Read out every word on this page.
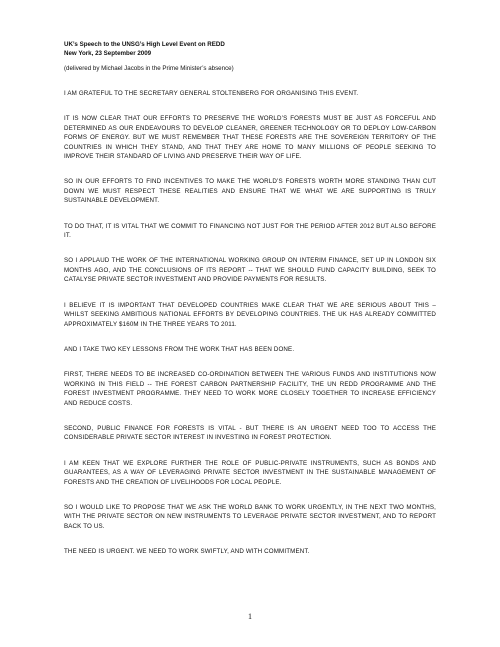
UK’s Speech to the UNSG’s High Level Event on REDD

New York, 23 September 2009

(delivered by Michael Jacobs in the Prime Minister’s absence)

I AM GRATEFUL TO THE SECRETARY GENERAL STOLTENBERG FOR ORGANISING THIS EVENT.

IT IS NOW CLEAR THAT OUR EFFORTS TO PRESERVE THE WORLD’S FORESTS MUST BE JUST AS FORCEFUL AND DETERMINED AS OUR ENDEAVOURS TO DEVELOP CLEANER, GREENER TECHNOLOGY OR TO DEPLOY LOW-CARBON FORMS OF ENERGY. BUT WE MUST REMEMBER THAT THESE FORESTS ARE THE SOVEREIGN TERRITORY OF THE COUNTRIES IN WHICH THEY STAND, AND THAT THEY ARE HOME TO MANY MILLIONS OF PEOPLE SEEKING TO IMPROVE THEIR STANDARD OF LIVING AND PRESERVE THEIR WAY OF LIFE.

SO IN OUR EFFORTS TO FIND INCENTIVES TO MAKE THE WORLD’S FORESTS WORTH MORE STANDING THAN CUT DOWN WE MUST RESPECT THESE REALITIES AND ENSURE THAT WE WHAT WE ARE SUPPORTING IS TRULY SUSTAINABLE DEVELOPMENT.

TO DO THAT, IT IS VITAL THAT WE COMMIT TO FINANCING NOT JUST FOR THE PERIOD AFTER 2012 BUT ALSO BEFORE IT.

SO I APPLAUD THE WORK OF THE INTERNATIONAL WORKING GROUP ON INTERIM FINANCE, SET UP IN LONDON SIX MONTHS AGO, AND THE CONCLUSIONS OF ITS REPORT -- THAT WE SHOULD FUND CAPACITY BUILDING, SEEK TO CATALYSE PRIVATE SECTOR INVESTMENT AND PROVIDE PAYMENTS FOR RESULTS.

I BELIEVE IT IS IMPORTANT THAT DEVELOPED COUNTRIES MAKE CLEAR THAT WE ARE SERIOUS ABOUT THIS – WHILST SEEKING AMBITIOUS NATIONAL EFFORTS BY DEVELOPING COUNTRIES. THE UK HAS ALREADY COMMITTED APPROXIMATELY $160M IN THE THREE YEARS TO 2011.

AND I TAKE TWO KEY LESSONS FROM THE WORK THAT HAS BEEN DONE.

FIRST, THERE NEEDS TO BE INCREASED CO-ORDINATION BETWEEN THE VARIOUS FUNDS AND INSTITUTIONS NOW WORKING IN THIS FIELD -- THE FOREST CARBON PARTNERSHIP FACILITY, THE UN REDD PROGRAMME AND THE FOREST INVESTMENT PROGRAMME. THEY NEED TO WORK MORE CLOSELY TOGETHER TO INCREASE EFFICIENCY AND REDUCE COSTS.

SECOND, PUBLIC FINANCE FOR FORESTS IS VITAL - BUT THERE IS AN URGENT NEED TOO TO ACCESS THE CONSIDERABLE PRIVATE SECTOR INTEREST IN INVESTING IN FOREST PROTECTION.

I AM KEEN THAT WE EXPLORE FURTHER THE ROLE OF PUBLIC-PRIVATE INSTRUMENTS, SUCH AS BONDS AND GUARANTEES, AS A WAY OF LEVERAGING PRIVATE SECTOR INVESTMENT IN THE SUSTAINABLE MANAGEMENT OF FORESTS AND THE CREATION OF LIVELIHOODS FOR LOCAL PEOPLE.

SO I WOULD LIKE TO PROPOSE THAT WE ASK THE WORLD BANK TO WORK URGENTLY, IN THE NEXT TWO MONTHS, WITH THE PRIVATE SECTOR ON NEW INSTRUMENTS TO LEVERAGE PRIVATE SECTOR INVESTMENT, AND TO REPORT BACK TO US.

THE NEED IS URGENT. WE NEED TO WORK SWIFTLY, AND WITH COMMITMENT.

1
